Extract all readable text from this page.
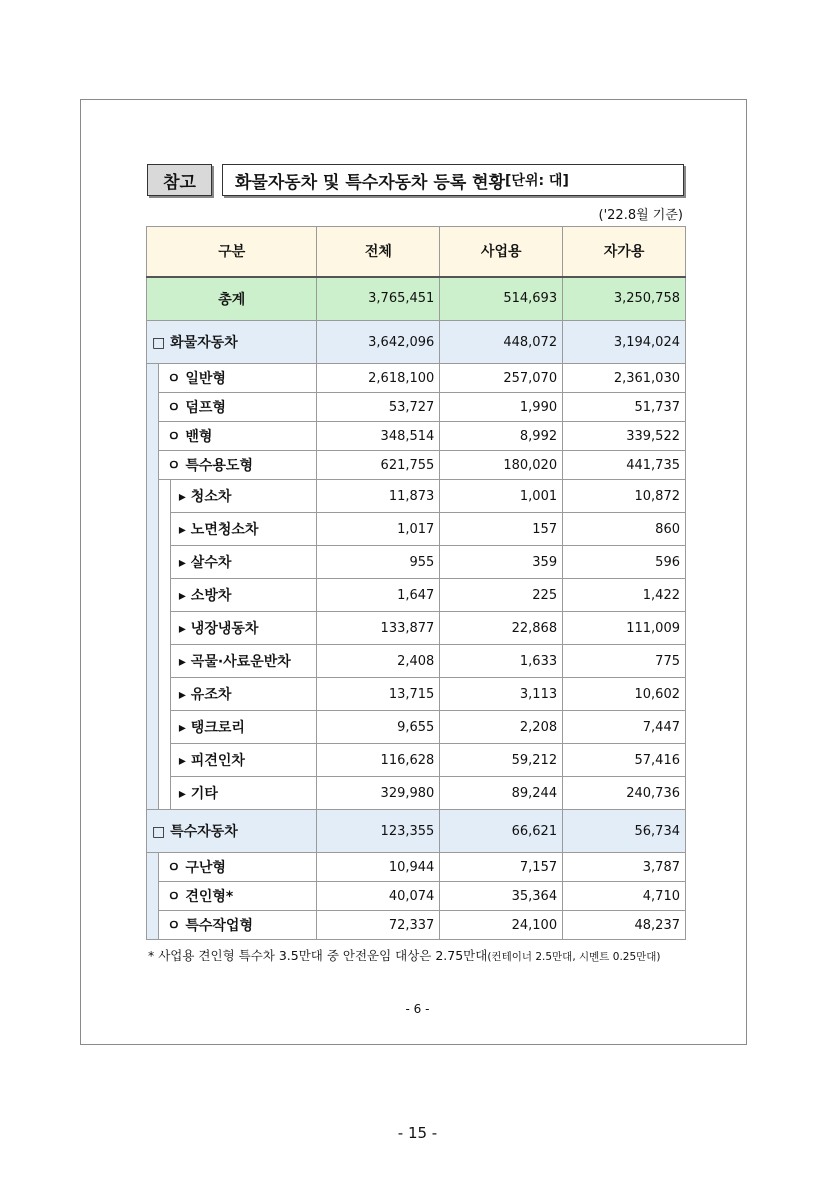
참고	화물자동차 및 특수자동차 등록 현황 [단위: 대]
('22.8월 기준)
구분			전체	사업용	자가용
총계			3,765,451	514,693	3,250,758
□ 화물자동차			3,642,096	448,072	3,194,024
	ㅇ 일반형		2,618,100	257,070	2,361,030
	ㅇ 덤프형		53,727	1,990	51,737
	ㅇ 밴형		348,514	8,992	339,522
	ㅇ 특수용도형		621,755	180,020	441,735
		▸ 청소차	11,873	1,001	10,872
		▸ 노면청소차	1,017	157	860
		▸ 살수차	955	359	596
		▸ 소방차	1,647	225	1,422
		▸ 냉장냉동차	133,877	22,868	111,009
		▸ 곡물·사료운반차	2,408	1,633	775
		▸ 유조차	13,715	3,113	10,602
		▸ 탱크로리	9,655	2,208	7,447
		▸ 피견인차	116,628	59,212	57,416
		▸ 기타	329,980	89,244	240,736
□ 특수자동차			123,355	66,621	56,734
	ㅇ 구난형		10,944	7,157	3,787
	ㅇ 견인형*		40,074	35,364	4,710
	ㅇ 특수작업형		72,337	24,100	48,237
* 사업용 견인형 특수차 3.5만대 중 안전운임 대상은 2.75만대(컨테이너 2.5만대, 시멘트 0.25만대)
- 6 -
- 15 -
